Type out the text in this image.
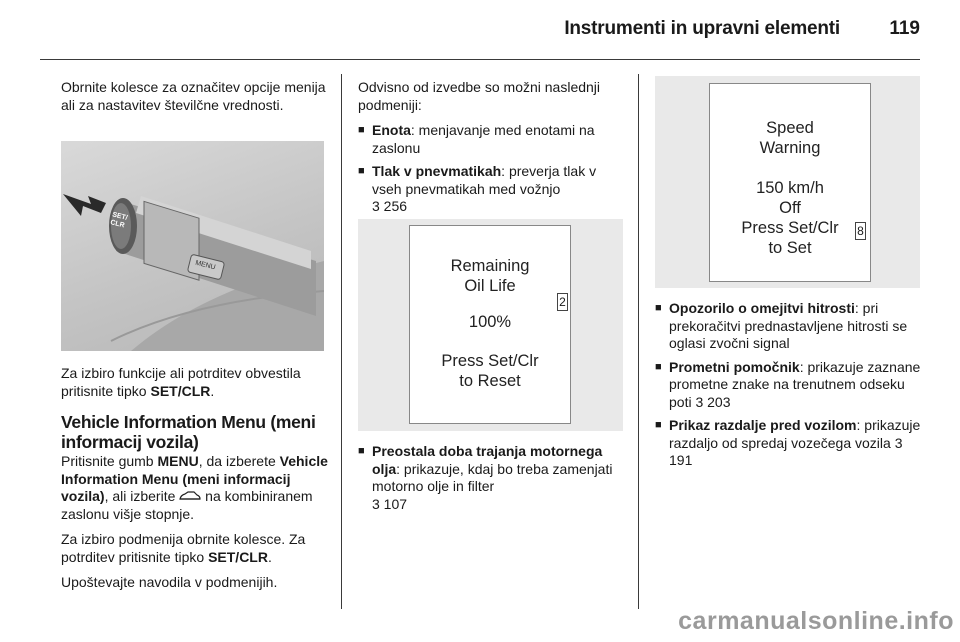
Instrumenti in upravni elementi	119

Obrnite kolesce za označitev opcije menija ali za nastavitev številčne vrednosti.

SET/
CLR
MENU

Za izbiro funkcije ali potrditev obvestila pritisnite tipko SET/CLR.

Vehicle Information Menu (meni informacij vozila)

Pritisnite gumb MENU, da izberete Vehicle Information Menu (meni informacij vozila), ali izberite  na kombiniranem zaslonu višje stopnje.

Za izbiro podmenija obrnite kolesce. Za potrditev pritisnite tipko SET/CLR.

Upoštevajte navodila v podmenijih.

Odvisno od izvedbe so možni naslednji podmeniji:

■ Enota: menjavanje med enotami na zaslonu
■ Tlak v pnevmatikah: preverja tlak v vseh pnevmatikah med vožnjo
3 256
Remaining
Oil Life
100%
Press Set/Clr
to Reset
2
■ Preostala doba trajanja motornega olja: prikazuje, kdaj bo treba zamenjati motorno olje in filter
3 107
Speed
Warning
150 km/h
Off
Press Set/Clr
to Set
8
■ Opozorilo o omejitvi hitrosti: pri prekoračitvi prednastavljene hitrosti se oglasi zvočni signal
■ Prometni pomočnik: prikazuje zaznane prometne znake na trenutnem odseku poti 3 203
■ Prikaz razdalje pred vozilom: prikazuje razdaljo od spredaj vozečega vozila 3 191
carmanualsonline.info
